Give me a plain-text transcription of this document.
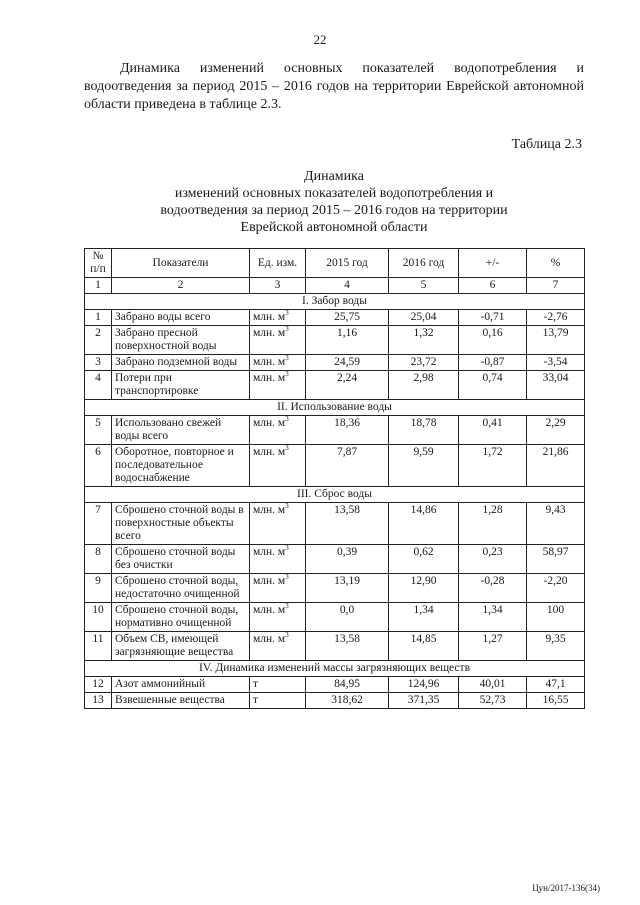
22
Динамика изменений основных показателей водопотребления и водоотведения за период 2015 – 2016 годов на территории Еврейской автономной области приведена в таблице 2.3.
Таблица 2.3
Динамика
изменений основных показателей водопотребления и
водоотведения за период 2015 – 2016 годов на территории
Еврейской автономной области
№ п/п	Показатели	Ед. изм.	2015 год	2016 год	+/-	%
1	2	3	4	5	6	7
I. Забор воды						
1	Забрано воды всего	млн. $м^3$	25,75	25,04	-0,71	-2,76
2	Забрано пресной поверхностной воды	млн. $м^3$	1,16	1,32	0,16	13,79
3	Забрано подземной воды	млн. $м^3$	24,59	23,72	-0,87	-3,54
4	Потери при транспортировке	млн. $м^3$	2,24	2,98	0,74	33,04
II. Использование воды						
5	Использовано свежей воды всего	млн. $м^3$	18,36	18,78	0,41	2,29
6	Оборотное, повторное и последовательное водоснабжение	млн. $м^3$	7,87	9,59	1,72	21,86
III. Сброс воды						
7	Сброшено сточной воды в поверхностные объекты всего	млн. $м^3$	13,58	14,86	1,28	9,43
8	Сброшено сточной воды без очистки	млн. $м^3$	0,39	0,62	0,23	58,97
9	Сброшено сточной воды, недостаточно очищенной	млн. $м^3$	13,19	12,90	-0,28	-2,20
10	Сброшено сточной воды, нормативно очищенной	млн. $м^3$	0,0	1,34	1,34	100
11	Объем СВ, имеющей загрязняющие вещества	млн. $м^3$	13,58	14,85	1,27	9,35
IV. Динамика изменений массы загрязняющих веществ						
12	Азот аммонийный	т	84,95	124,96	40,01	47,1
13	Взвешенные вещества	т	318,62	371,35	52,73	16,55
Цун/2017-136(34)
